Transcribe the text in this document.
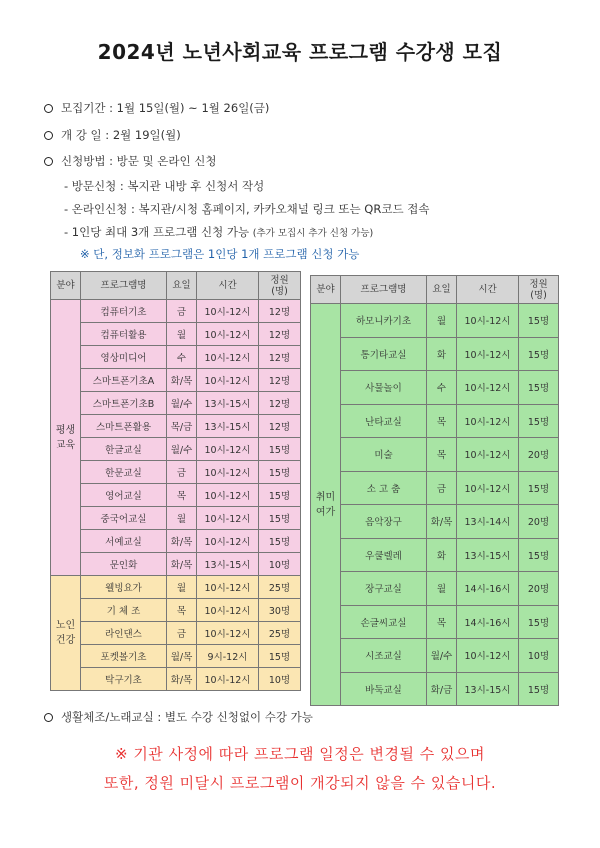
2024년 노년사회교육 프로그램 수강생 모집
모집기간 : 1월 15일(월) ~ 1월 26일(금)
개 강 일 : 2월 19일(월)
신청방법 : 방문 및 온라인 신청
- 방문신청 : 복지관 내방 후 신청서 작성
- 온라인신청 : 복지관/시청 홈페이지, 카카오채널 링크 또는 QR코드 접속
- 1인당 최대 3개 프로그램 신청 가능 (추가 모집시 추가 신청 가능)
※ 단, 정보화 프로그램은 1인당 1개 프로그램 신청 가능
분야	프로그램명	요일	시간	정원
(명)
평생
교육	컴퓨터기초	금	10시-12시	12명
	컴퓨터활용	월	10시-12시	12명
	영상미디어	수	10시-12시	12명
	스마트폰기초A	화/목	10시-12시	12명
	스마트폰기초B	월/수	13시-15시	12명
	스마트폰활용	목/금	13시-15시	12명
	한글교실	월/수	10시-12시	15명
	한문교실	금	10시-12시	15명
	영어교실	목	10시-12시	15명
	중국어교실	월	10시-12시	15명
	서예교실	화/목	10시-12시	15명
	문인화	화/목	13시-15시	10명
노인
건강	웰빙요가	월	10시-12시	25명
	기 체 조	목	10시-12시	30명
	라인댄스	금	10시-12시	25명
	포켓볼기초	월/목	9시-12시	15명
	탁구기초	화/목	10시-12시	10명
분야	프로그램명	요일	시간	정원
(명)
취미
여가	하모니카기초	월	10시-12시	15명
	통기타교실	화	10시-12시	15명
	사물놀이	수	10시-12시	15명
	난타교실	목	10시-12시	15명
	미술	목	10시-12시	20명
	소 고 춤	금	10시-12시	15명
	음악장구	화/목	13시-14시	20명
	우쿨렐레	화	13시-15시	15명
	장구교실	월	14시-16시	20명
	손글씨교실	목	14시-16시	15명
	시조교실	월/수	10시-12시	10명
	바둑교실	화/금	13시-15시	15명
생활체조/노래교실 : 별도 수강 신청없이 수강 가능
※ 기관 사정에 따라 프로그램 일정은 변경될 수 있으며
또한, 정원 미달시 프로그램이 개강되지 않을 수 있습니다.
